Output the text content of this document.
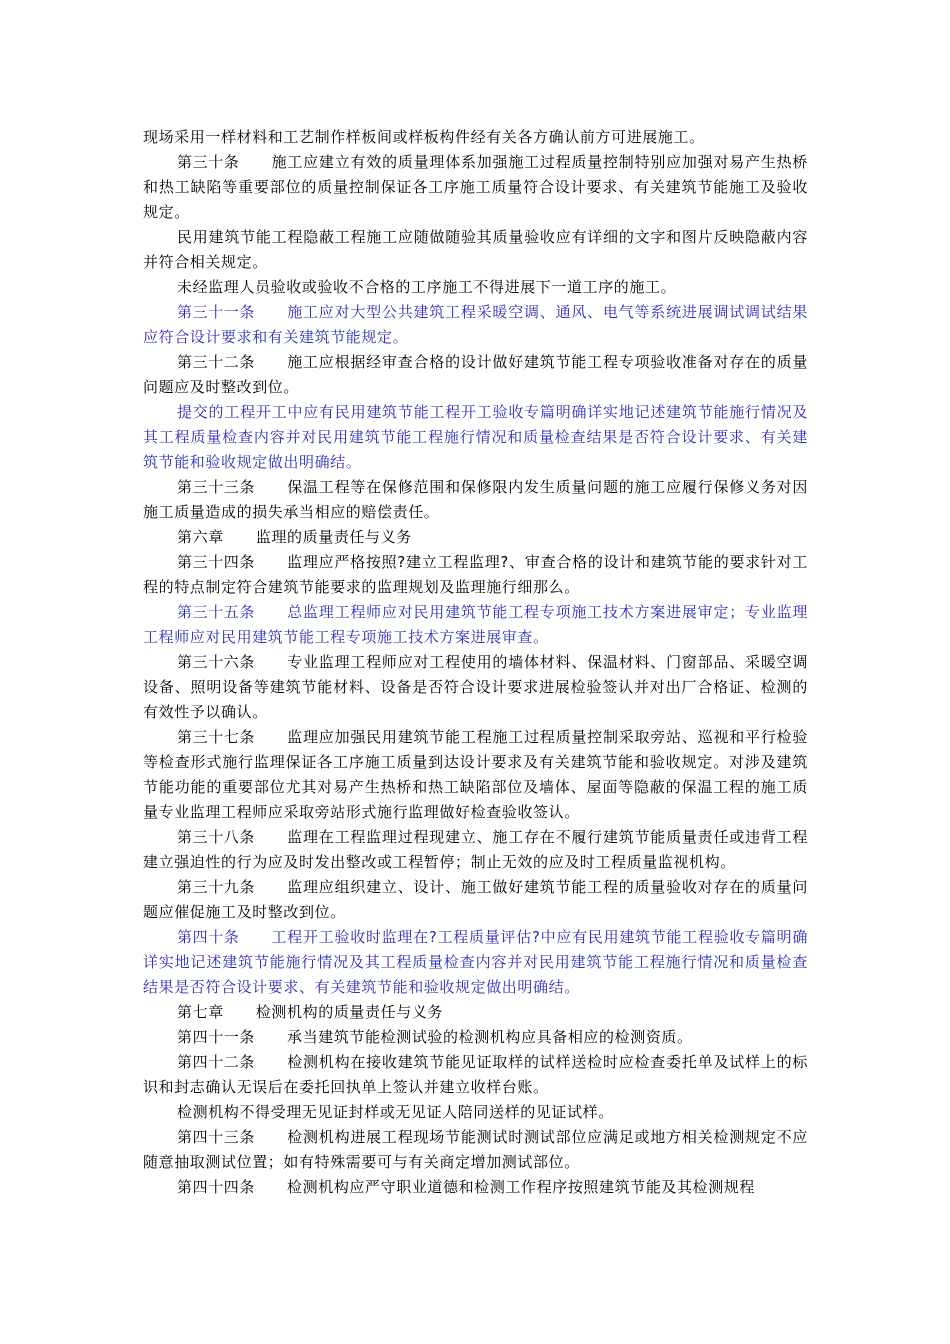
现场采用一样材料和工艺制作样板间或样板构件经有关各方确认前方可进展施工。

第三十条 施工应建立有效的质量理体系加强施工过程质量控制特别应加强对易产生热桥和热工缺陷等重要部位的质量控制保证各工序施工质量符合设计要求、有关建筑节能施工及验收规定。

民用建筑节能工程隐蔽工程施工应随做随验其质量验收应有详细的文字和图片反映隐蔽内容并符合相关规定。

未经监理人员验收或验收不合格的工序施工不得进展下一道工序的施工。

第三十一条 施工应对大型公共建筑工程采暖空调、通风、电气等系统进展调试调试结果应符合设计要求和有关建筑节能规定。

第三十二条 施工应根据经审查合格的设计做好建筑节能工程专项验收准备对存在的质量问题应及时整改到位。

提交的工程开工中应有民用建筑节能工程开工验收专篇明确详实地记述建筑节能施行情况及其工程质量检查内容并对民用建筑节能工程施行情况和质量检查结果是否符合设计要求、有关建筑节能和验收规定做出明确结。

第三十三条 保温工程等在保修范围和保修限内发生质量问题的施工应履行保修义务对因施工质量造成的损失承当相应的赔偿责任。

第六章 监理的质量责任与义务

第三十四条 监理应严格按照?建立工程监理?、审查合格的设计和建筑节能的要求针对工程的特点制定符合建筑节能要求的监理规划及监理施行细那么。

第三十五条 总监理工程师应对民用建筑节能工程专项施工技术方案进展审定；专业监理工程师应对民用建筑节能工程专项施工技术方案进展审查。

第三十六条 专业监理工程师应对工程使用的墙体材料、保温材料、门窗部品、采暖空调设备、照明设备等建筑节能材料、设备是否符合设计要求进展检验签认并对出厂合格证、检测的有效性予以确认。

第三十七条 监理应加强民用建筑节能工程施工过程质量控制采取旁站、巡视和平行检验等检查形式施行监理保证各工序施工质量到达设计要求及有关建筑节能和验收规定。对涉及建筑节能功能的重要部位尤其对易产生热桥和热工缺陷部位及墙体、屋面等隐蔽的保温工程的施工质量专业监理工程师应采取旁站形式施行监理做好检查验收签认。

第三十八条 监理在工程监理过程现建立、施工存在不履行建筑节能质量责任或违背工程建立强迫性的行为应及时发出整改或工程暂停；制止无效的应及时工程质量监视机构。

第三十九条 监理应组织建立、设计、施工做好建筑节能工程的质量验收对存在的质量问题应催促施工及时整改到位。

第四十条 工程开工验收时监理在?工程质量评估?中应有民用建筑节能工程验收专篇明确详实地记述建筑节能施行情况及其工程质量检查内容并对民用建筑节能工程施行情况和质量检查结果是否符合设计要求、有关建筑节能和验收规定做出明确结。

第七章 检测机构的质量责任与义务

第四十一条 承当建筑节能检测试验的检测机构应具备相应的检测资质。

第四十二条 检测机构在接收建筑节能见证取样的试样送检时应检查委托单及试样上的标识和封志确认无误后在委托回执单上签认并建立收样台账。

检测机构不得受理无见证封样或无见证人陪同送样的见证试样。

第四十三条 检测机构进展工程现场节能测试时测试部位应满足或地方相关检测规定不应随意抽取测试位置；如有特殊需要可与有关商定增加测试部位。

第四十四条 检测机构应严守职业道德和检测工作程序按照建筑节能及其检测规程
